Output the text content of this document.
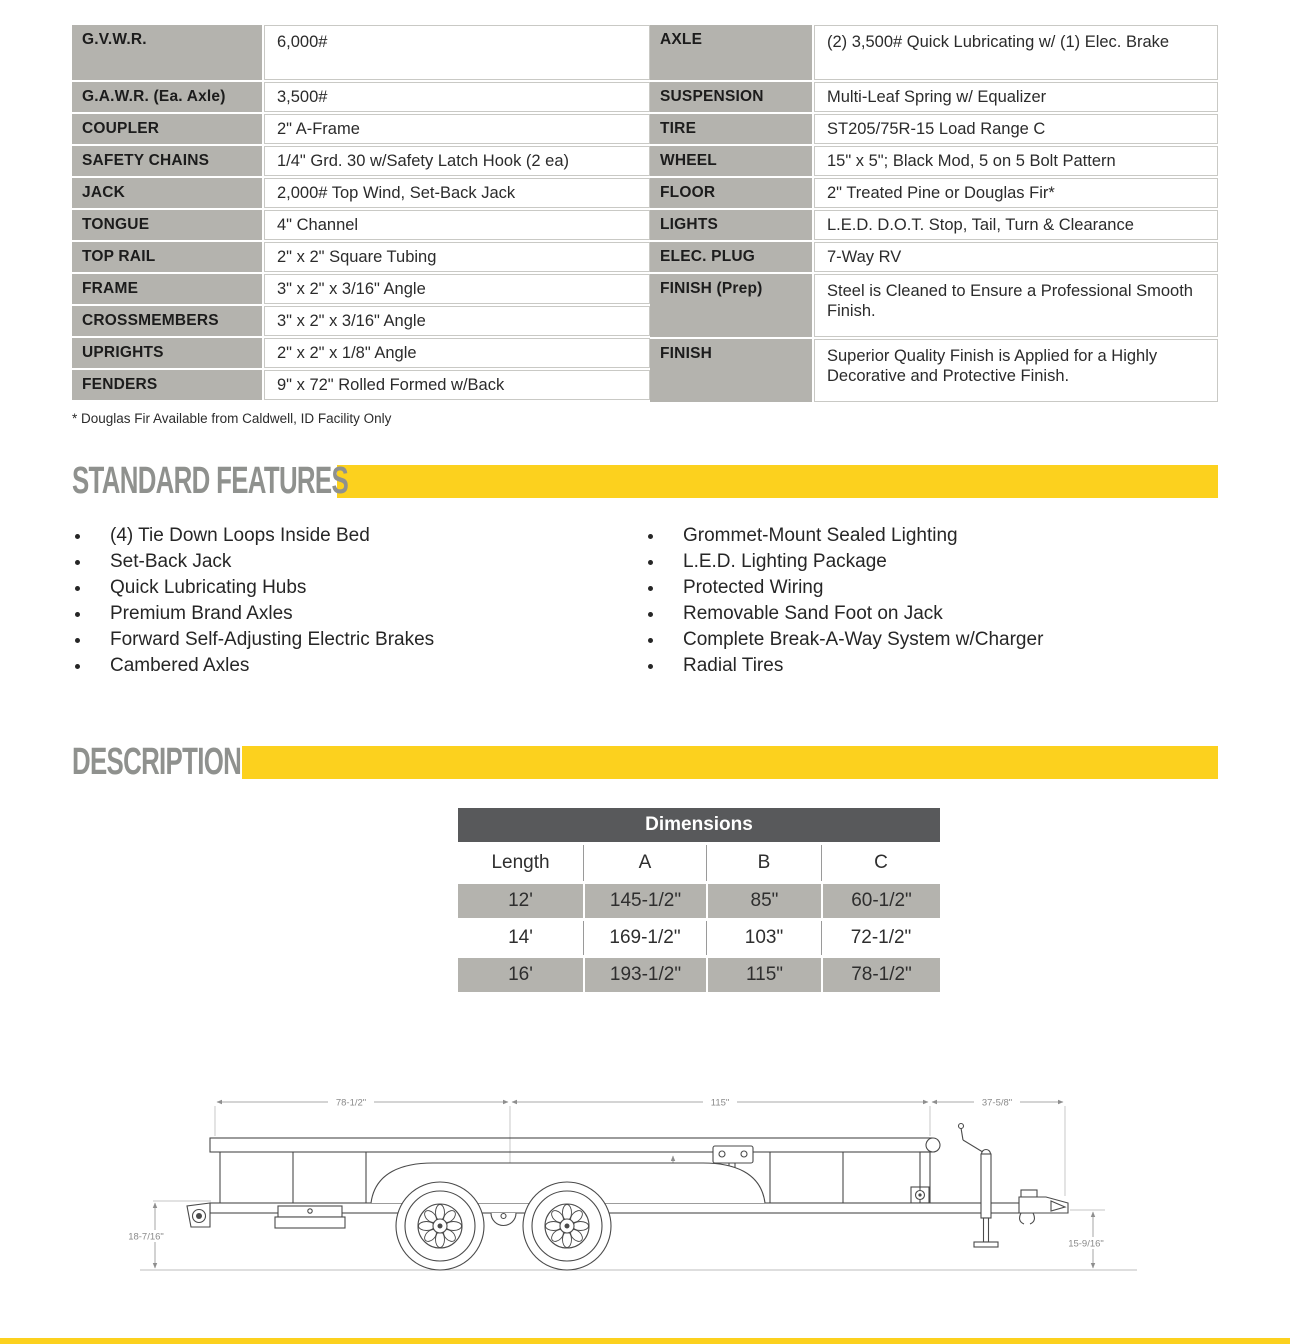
G.V.W.R.	6,000#
G.A.W.R. (Ea. Axle)	3,500#
COUPLER	2" A-Frame
SAFETY CHAINS	1/4" Grd. 30 w/Safety Latch Hook (2 ea)
JACK	2,000# Top Wind, Set-Back Jack
TONGUE	4" Channel
TOP RAIL	2" x 2" Square Tubing
FRAME	3" x 2" x 3/16" Angle
CROSSMEMBERS	3" x 2" x 3/16" Angle
UPRIGHTS	2" x 2" x 1/8" Angle
FENDERS	9" x 72" Rolled Formed w/Back
AXLE	(2) 3,500# Quick Lubricating w/ (1) Elec. Brake
SUSPENSION	Multi-Leaf Spring w/ Equalizer
TIRE	ST205/75R-15 Load Range C
WHEEL	15" x 5"; Black Mod, 5 on 5 Bolt Pattern
FLOOR	2" Treated Pine or Douglas Fir*
LIGHTS	L.E.D. D.O.T. Stop, Tail, Turn & Clearance
ELEC. PLUG	7-Way RV
FINISH (Prep)	Steel is Cleaned to Ensure a Professional Smooth Finish.
FINISH	Superior Quality Finish is Applied for a Highly Decorative and Protective Finish.
* Douglas Fir Available from Caldwell, ID Facility Only
STANDARD FEATURES
• (4) Tie Down Loops Inside Bed
• Set-Back Jack
• Quick Lubricating Hubs
• Premium Brand Axles
• Forward Self-Adjusting Electric Brakes
• Cambered Axles
• Grommet-Mount Sealed Lighting
• L.E.D. Lighting Package
• Protected Wiring
• Removable Sand Foot on Jack
• Complete Break-A-Way System w/Charger
• Radial Tires
DESCRIPTION
Dimensions
Length	A	B	C
12'	145-1/2"	85"	60-1/2"
14'	169-1/2"	103"	72-1/2"
16'	193-1/2"	115"	78-1/2"
78-1/2"	115"	37-5/8"
18-7/16"
15-9/16"
